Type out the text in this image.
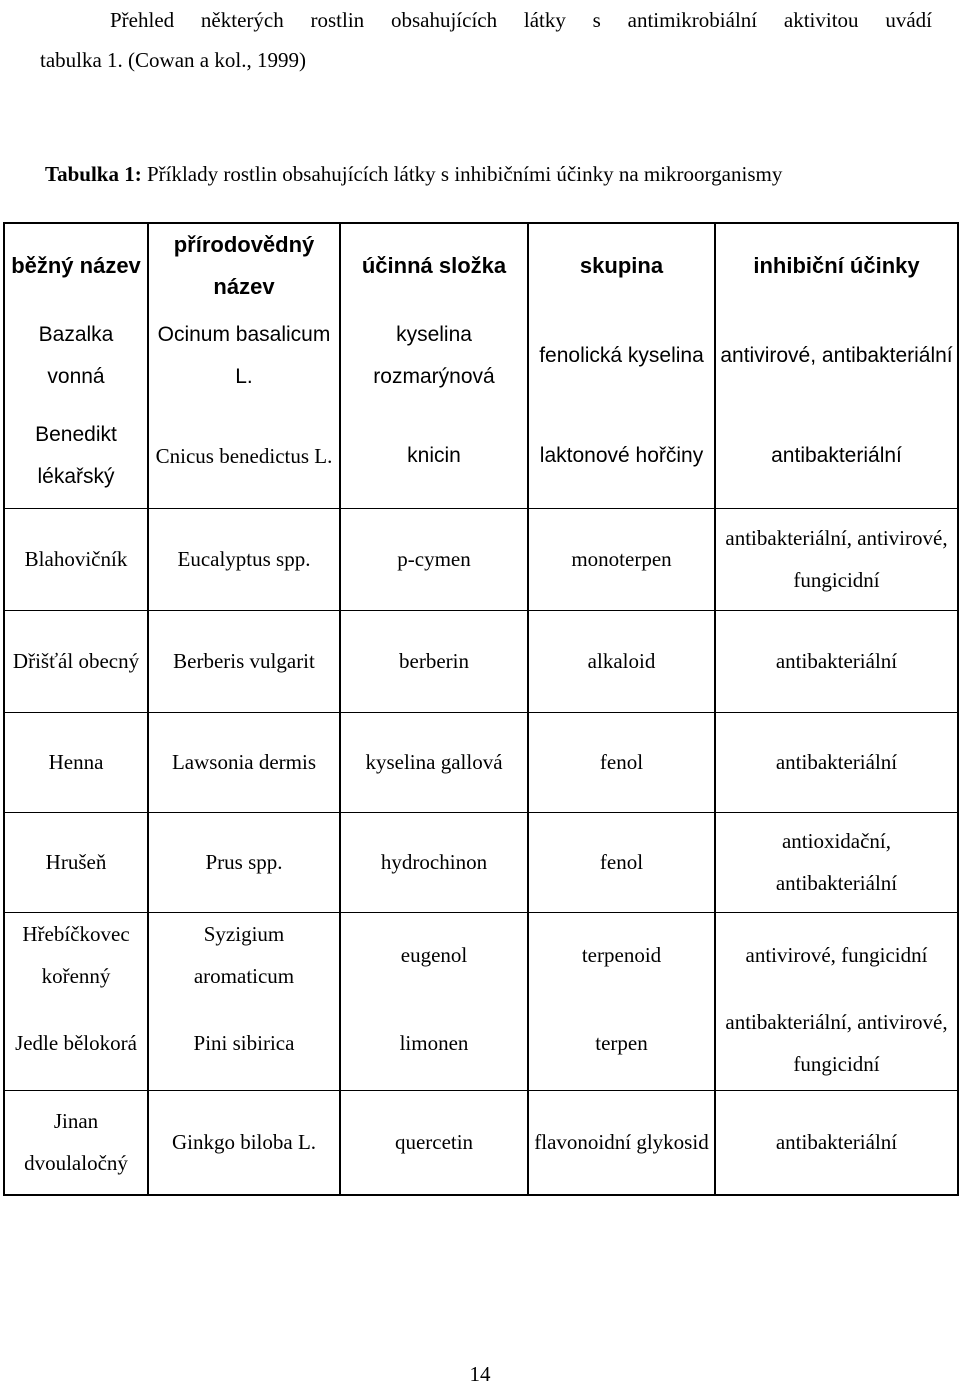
Přehled některých rostlin obsahujících látky s antimikrobiální aktivitou uvádí
tabulka 1. (Cowan a kol., 1999)

Tabulka 1: Příklady rostlin obsahujících látky s inhibičními účinky na mikroorganismy

běžný název	přírodovědný název	účinná složka	skupina	inhibiční účinky
Bazalka vonná	Ocinum basalicum L.	kyselina rozmarýnová	fenolická kyselina	antivirové, antibakteriální
Benedikt lékařský	Cnicus benedictus L.	knicin	laktonové hořčiny	antibakteriální
Blahovičník	Eucalyptus spp.	p-cymen	monoterpen	antibakteriální, antivirové, fungicidní
Dřišťál obecný	Berberis vulgarit	berberin	alkaloid	antibakteriální
Henna	Lawsonia dermis	kyselina gallová	fenol	antibakteriální
Hrušeň	Prus spp.	hydrochinon	fenol	antioxidační, antibakteriální
Hřebíčkovec kořenný	Syzigium aromaticum	eugenol	terpenoid	antivirové, fungicidní
Jedle bělokorá	Pini sibirica	limonen	terpen	antibakteriální, antivirové, fungicidní
Jinan dvoulaločný	Ginkgo biloba L.	quercetin	flavonoidní glykosid	antibakteriální
14
